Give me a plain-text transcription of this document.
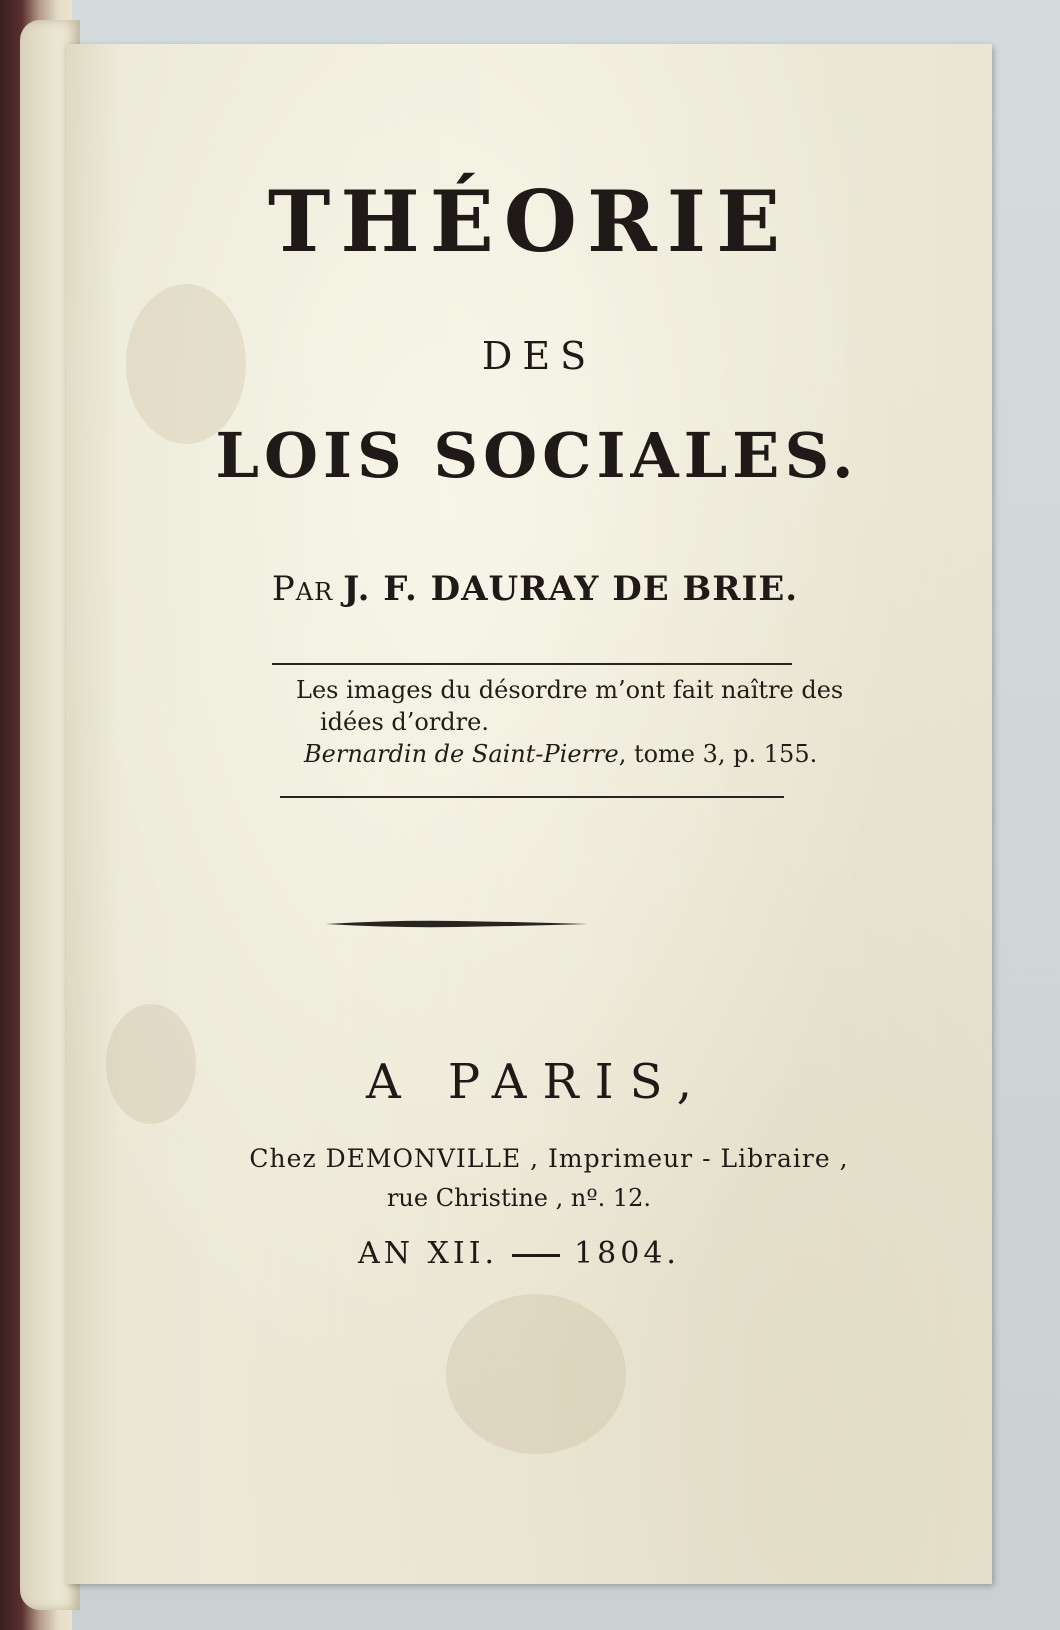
THÉORIE
DES
LOIS SOCIALES.
Par J. F. DAURAY DE BRIE.
Les images du désordre m’ont fait naître des
idées d’ordre.
Bernardin de Saint-Pierre, tome 3, p. 155.
A PARIS,
Chez DEMONVILLE , Imprimeur - Libraire ,
rue Christine , nº. 12.
AN XII.	1804.
